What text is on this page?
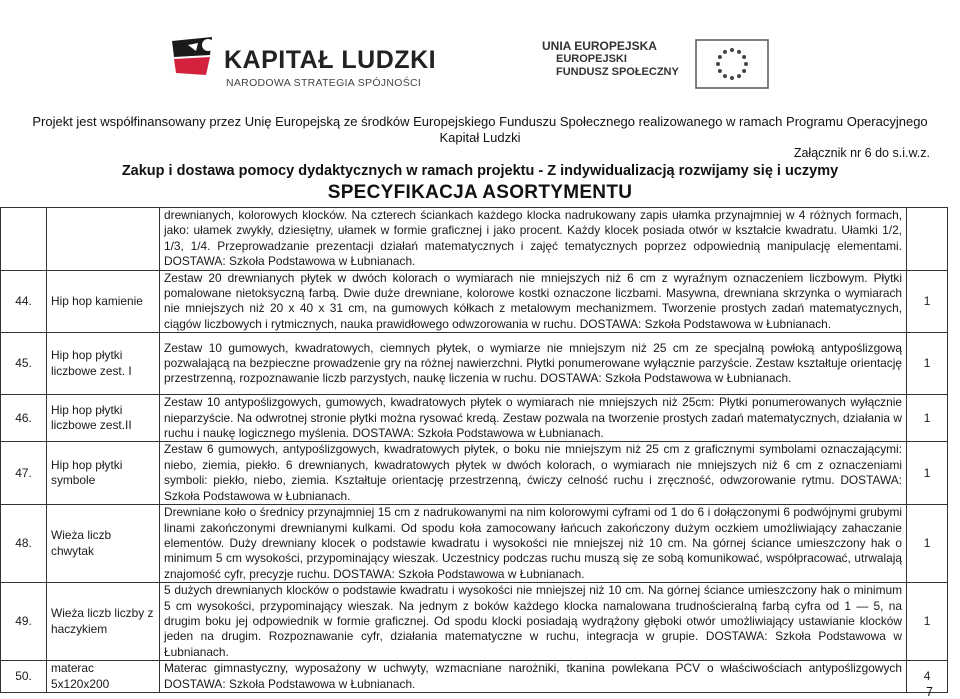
KAPITAŁ LUDZKI
NARODOWA STRATEGIA SPÓJNOŚCI
UNIA EUROPEJSKA
EUROPEJSKI
FUNDUSZ SPOŁECZNY
Projekt jest współfinansowany przez Unię Europejską ze środków Europejskiego Funduszu Społecznego realizowanego w ramach Programu Operacyjnego
Kapitał Ludzki
Załącznik nr 6 do s.i.w.z.
Zakup i dostawa pomocy dydaktycznych w ramach projektu - Z indywidualizacją rozwijamy się i uczymy
SPECYFIKACJA ASORTYMENTU
		drewnianych, kolorowych klocków. Na czterech ściankach każdego klocka nadrukowany zapis ułamka przynajmniej w 4 różnych formach, jako: ułamek zwykły, dziesiętny, ułamek w formie graficznej i jako procent. Każdy klocek posiada otwór w kształcie kwadratu. Ułamki 1/2, 1/3, 1/4. Przeprowadzanie prezentacji działań matematycznych i zajęć tematycznych poprzez odpowiednią manipulację elementami. DOSTAWA: Szkoła Podstawowa w Łubnianach.	
44.	Hip hop kamienie	Zestaw 20 drewnianych płytek w dwóch kolorach o wymiarach nie mniejszych niż 6 cm z wyraźnym oznaczeniem liczbowym. Płytki pomalowane nietoksyczną farbą. Dwie duże drewniane, kolorowe kostki oznaczone liczbami. Masywna, drewniana skrzynka o wymiarach nie mniejszych niż 20 x 40 x 31 cm, na gumowych kółkach z metalowym mechanizmem. Tworzenie prostych zadań matematycznych, ciągów liczbowych i rytmicznych, nauka prawidłowego odwzorowania w ruchu. DOSTAWA: Szkoła Podstawowa w Łubnianach.	1
45.	Hip hop płytki liczbowe zest. I	Zestaw 10 gumowych, kwadratowych, ciemnych płytek, o wymiarze nie mniejszym niż 25 cm ze specjalną powłoką antypoślizgową pozwalającą na bezpieczne prowadzenie gry na różnej nawierzchni. Płytki ponumerowane wyłącznie parzyście. Zestaw kształtuje orientację przestrzenną, rozpoznawanie liczb parzystych, naukę liczenia w ruchu. DOSTAWA: Szkoła Podstawowa w Łubnianach.	1
46.	Hip hop płytki liczbowe zest.II	Zestaw 10 antypoślizgowych, gumowych, kwadratowych płytek o wymiarach nie mniejszych niż 25cm: Płytki ponumerowanych wyłącznie nieparzyście. Na odwrotnej stronie płytki można rysować kredą. Zestaw pozwala na tworzenie prostych zadań matematycznych, działania w ruchu i naukę logicznego myślenia. DOSTAWA: Szkoła Podstawowa w Łubnianach.	1
47.	Hip hop płytki symbole	Zestaw 6 gumowych, antypoślizgowych, kwadratowych płytek, o boku nie mniejszym niż 25 cm z graficznymi symbolami oznaczającymi: niebo, ziemia, piekło. 6 drewnianych, kwadratowych płytek w dwóch kolorach, o wymiarach nie mniejszych niż 6 cm z oznaczeniami symboli: piekło, niebo, ziemia. Kształtuje orientację przestrzenną, ćwiczy celność ruchu i zręczność, odwzorowanie rytmu. DOSTAWA: Szkoła Podstawowa w Łubnianach.	1
48.	Wieża liczb chwytak	Drewniane koło o średnicy przynajmniej 15 cm z nadrukowanymi na nim kolorowymi cyframi od 1 do 6 i dołączonymi 6 podwójnymi grubymi linami zakończonymi drewnianymi kulkami. Od spodu koła zamocowany łańcuch zakończony dużym oczkiem umożliwiający zahaczanie elementów. Duży drewniany klocek o podstawie kwadratu i wysokości nie mniejszej niż 10 cm. Na górnej ściance umieszczony hak o minimum 5 cm wysokości, przypominający wieszak. Uczestnicy podczas ruchu muszą się ze sobą komunikować, współpracować, utrwalają znajomość cyfr, precyzje ruchu. DOSTAWA: Szkoła Podstawowa w Łubnianach.	1
49.	Wieża liczb liczby z haczykiem	5 dużych drewnianych klocków o podstawie kwadratu i wysokości nie mniejszej niż 10 cm. Na górnej ściance umieszczony hak o minimum 5 cm wysokości, przypominający wieszak. Na jednym z boków każdego klocka namalowana trudnościeralną farbą cyfra od 1 — 5, na drugim boku jej odpowiednik w formie graficznej. Od spodu klocki posiadają wydrążony głęboki otwór umożliwiający ustawianie klocków jeden na drugim. Rozpoznawanie cyfr, działania matematyczne w ruchu, integracja w grupie. DOSTAWA: Szkoła Podstawowa w Łubnianach.	1
50.	materac 5x120x200	Materac gimnastyczny, wyposażony w uchwyty, wzmacniane narożniki, tkanina powlekana PCV o właściwościach antypoślizgowych DOSTAWA: Szkoła Podstawowa w Łubnianach.	4
7
